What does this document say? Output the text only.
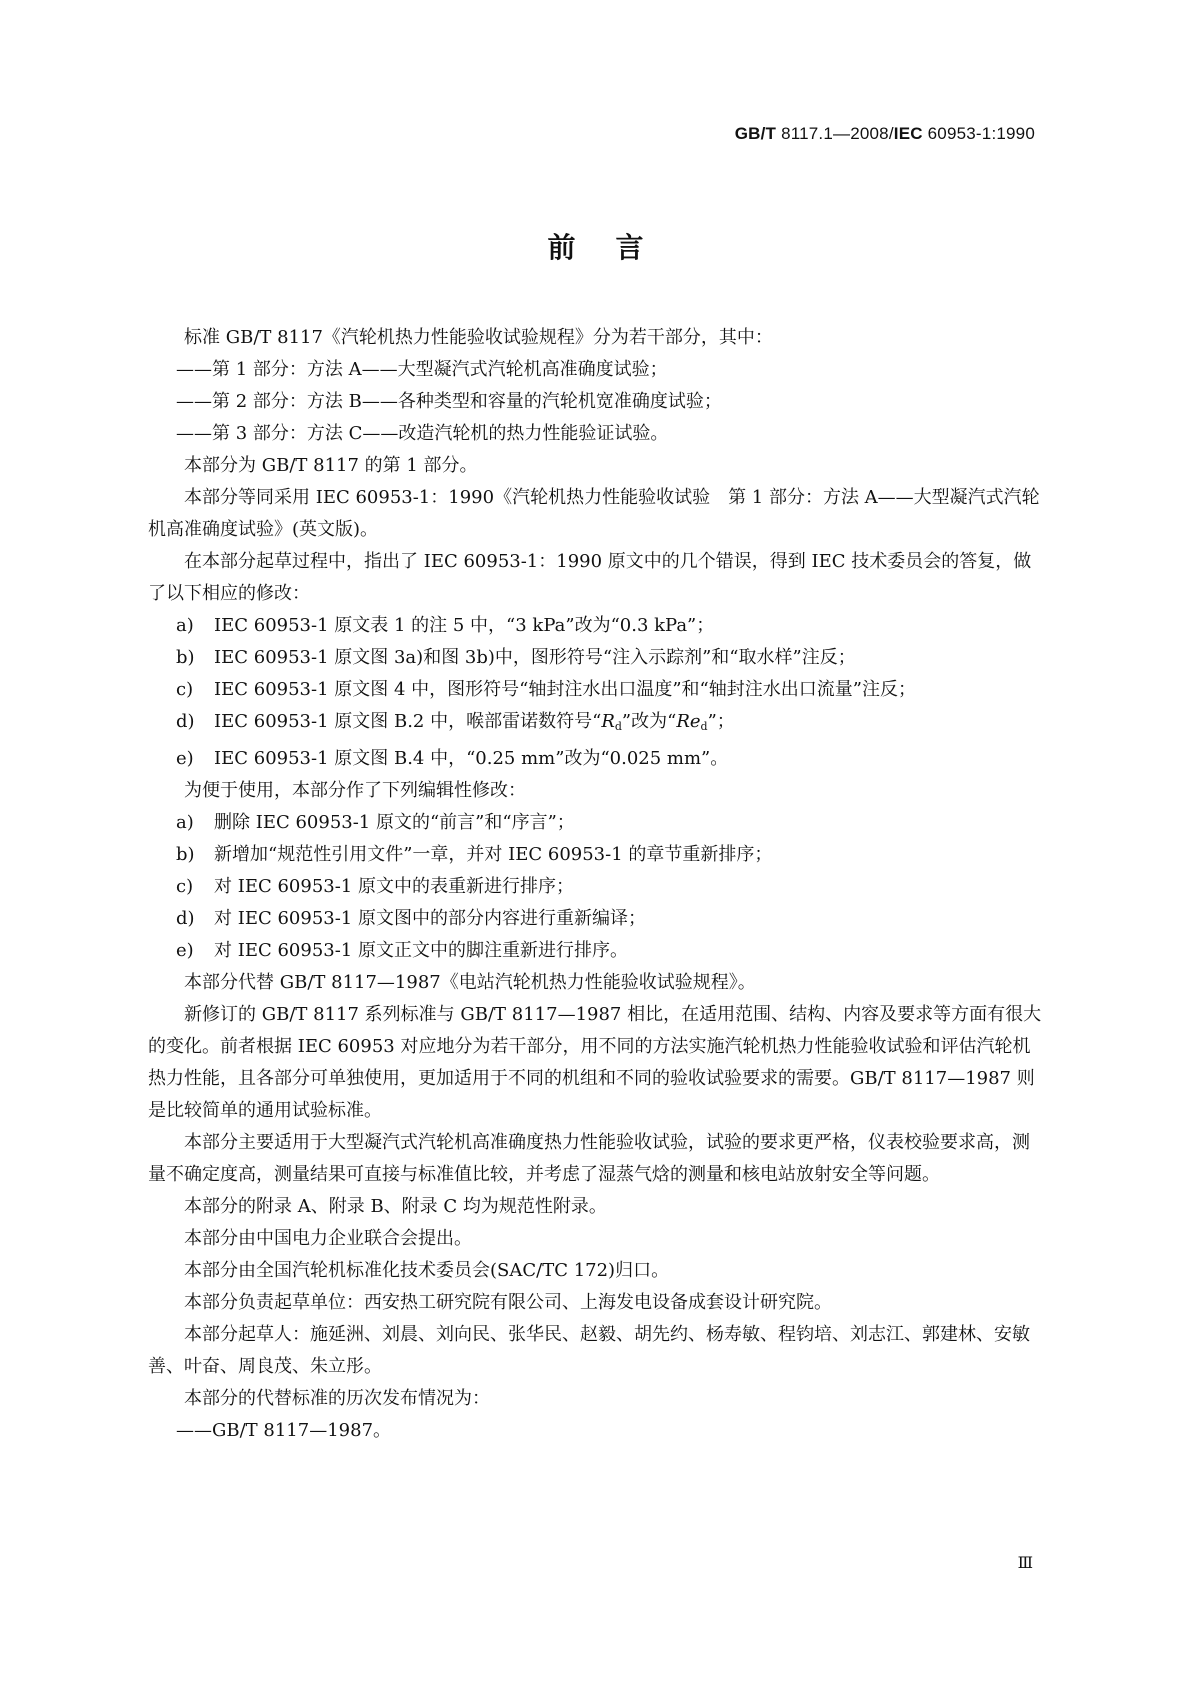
GB/T 8117.1—2008/IEC 60953-1:1990
前言

标准 GB/T 8117《汽轮机热力性能验收试验规程》分为若干部分，其中：

——第 1 部分：方法 A——大型凝汽式汽轮机高准确度试验；

——第 2 部分：方法 B——各种类型和容量的汽轮机宽准确度试验；

——第 3 部分：方法 C——改造汽轮机的热力性能验证试验。

本部分为 GB/T 8117 的第 1 部分。

本部分等同采用 IEC 60953-1：1990《汽轮机热力性能验收试验　第 1 部分：方法 A——大型凝汽式汽轮机高准确度试验》(英文版)。

在本部分起草过程中，指出了 IEC 60953-1：1990 原文中的几个错误，得到 IEC 技术委员会的答复，做了以下相应的修改：

a)	IEC 60953-1 原文表 1 的注 5 中，“3 kPa”改为“0.3 kPa”；

b)	IEC 60953-1 原文图 3a)和图 3b)中，图形符号“注入示踪剂”和“取水样”注反；

c)	IEC 60953-1 原文图 4 中，图形符号“轴封注水出口温度”和“轴封注水出口流量”注反；

d)	IEC 60953-1 原文图 B.2 中，喉部雷诺数符号“$R_d$”改为“$Re_d$”；

e)	IEC 60953-1 原文图 B.4 中，“0.25 mm”改为“0.025 mm”。

为便于使用，本部分作了下列编辑性修改：

a)	删除 IEC 60953-1 原文的“前言”和“序言”；

b)	新增加“规范性引用文件”一章，并对 IEC 60953-1 的章节重新排序；

c)	对 IEC 60953-1 原文中的表重新进行排序；

d)	对 IEC 60953-1 原文图中的部分内容进行重新编译；

e)	对 IEC 60953-1 原文正文中的脚注重新进行排序。

本部分代替 GB/T 8117—1987《电站汽轮机热力性能验收试验规程》。

新修订的 GB/T 8117 系列标准与 GB/T 8117—1987 相比，在适用范围、结构、内容及要求等方面有很大的变化。前者根据 IEC 60953 对应地分为若干部分，用不同的方法实施汽轮机热力性能验收试验和评估汽轮机热力性能，且各部分可单独使用，更加适用于不同的机组和不同的验收试验要求的需要。GB/T 8117—1987 则是比较简单的通用试验标准。

本部分主要适用于大型凝汽式汽轮机高准确度热力性能验收试验，试验的要求更严格，仪表校验要求高，测量不确定度高，测量结果可直接与标准值比较，并考虑了湿蒸气焓的测量和核电站放射安全等问题。

本部分的附录 A、附录 B、附录 C 均为规范性附录。

本部分由中国电力企业联合会提出。

本部分由全国汽轮机标准化技术委员会(SAC/TC 172)归口。

本部分负责起草单位：西安热工研究院有限公司、上海发电设备成套设计研究院。

本部分起草人：施延洲、刘晨、刘向民、张华民、赵毅、胡先约、杨寿敏、程钧培、刘志江、郭建林、安敏善、叶奋、周良茂、朱立彤。

本部分的代替标准的历次发布情况为：

——GB/T 8117—1987。

Ⅲ
